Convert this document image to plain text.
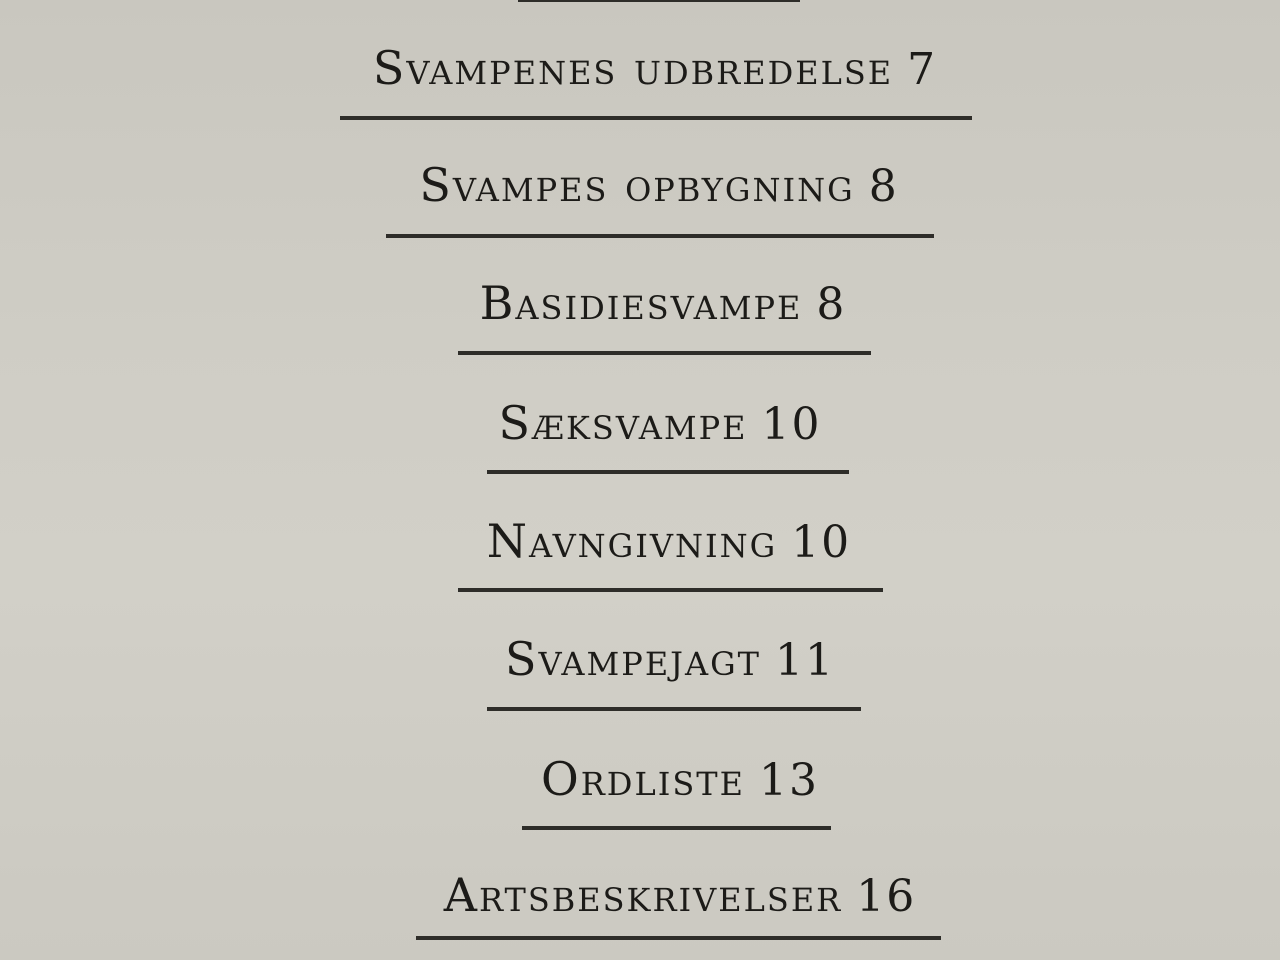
Svampenes udbredelse 7
Svampes opbygning 8
Basidiesvampe 8
Sæksvampe 10
Navngivning 10
Svampejagt 11
Ordliste 13
Artsbeskrivelser 16
